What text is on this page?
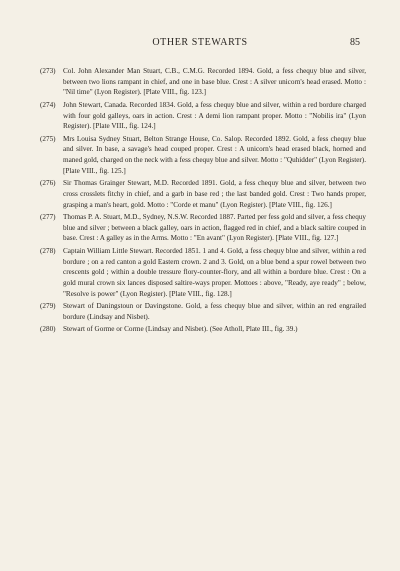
OTHER STEWARTS	85
(273)	Col. John Alexander Man Stuart, C.B., C.M.G. Recorded 1894. Gold, a fess chequy blue and silver, between two lions rampant in chief, and one in base blue. Crest : A silver unicorn's head erased. Motto : "Nil time" (Lyon Register). [Plate VIII., fig. 123.]
(274)	John Stewart, Canada. Recorded 1834. Gold, a fess chequy blue and silver, within a red bordure charged with four gold galleys, oars in action. Crest : A demi lion rampant proper. Motto : "Nobilis ira" (Lyon Register). [Plate VIII., fig. 124.]
(275)	Mrs Louisa Sydney Stuart, Belton Strange House, Co. Salop. Recorded 1892. Gold, a fess chequy blue and silver. In base, a savage's head couped proper. Crest : A unicorn's head erased black, horned and maned gold, charged on the neck with a fess chequy blue and silver. Motto : "Quhidder" (Lyon Register). [Plate VIII., fig. 125.]
(276)	Sir Thomas Grainger Stewart, M.D. Recorded 1891. Gold, a fess chequy blue and silver, between two cross crosslets fitchy in chief, and a garb in base red ; the last banded gold. Crest : Two hands proper, grasping a man's heart, gold. Motto : "Corde et manu" (Lyon Register). [Plate VIII., fig. 126.]
(277)	Thomas P. A. Stuart, M.D., Sydney, N.S.W. Recorded 1887. Parted per fess gold and silver, a fess chequy blue and silver ; between a black galley, oars in action, flagged red in chief, and a black saltire couped in base. Crest : A galley as in the Arms. Motto : "En avant" (Lyon Register). [Plate VIII., fig. 127.]
(278)	Captain William Little Stewart. Recorded 1851. 1 and 4. Gold, a fess chequy blue and silver, within a red bordure ; on a red canton a gold Eastern crown. 2 and 3. Gold, on a blue bend a spur rowel between two crescents gold ; within a double tressure flory-counter-flory, and all within a bordure blue. Crest : On a gold mural crown six lances disposed saltire-ways proper. Mottoes : above, "Ready, aye ready" ; below, "Resolve is power" (Lyon Register). [Plate VIII., fig. 128.]
(279)	Stewart of Daningstoun or Davingstone. Gold, a fess chequy blue and silver, within an red engrailed bordure (Lindsay and Nisbet).
(280)	Stewart of Gorme or Corme (Lindsay and Nisbet). (See Atholl, Plate III., fig. 39.)
